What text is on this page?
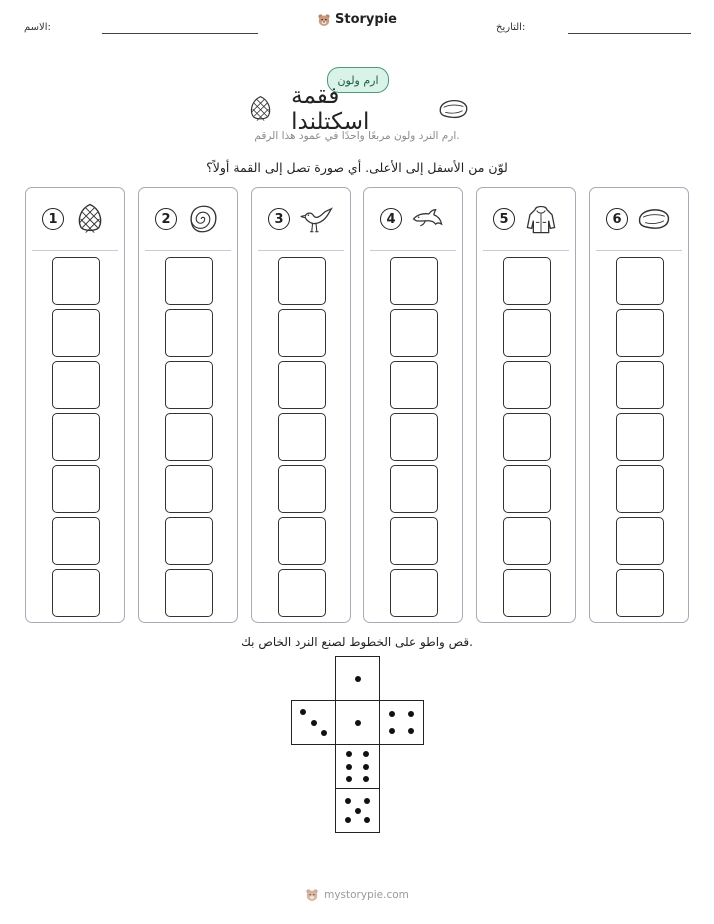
الاسم:	التاريخ:
Storypie
ارم ولون
فقمة اسكتلندا
ارم النرد ولون مربعًا واحدًا في عمود هذا الرقم.
لوّن من الأسفل إلى الأعلى. أي صورة تصل إلى القمة أولاً؟
1	2	3	4	5	6
قص واطو على الخطوط لصنع النرد الخاص بك.
mystorypie.com
